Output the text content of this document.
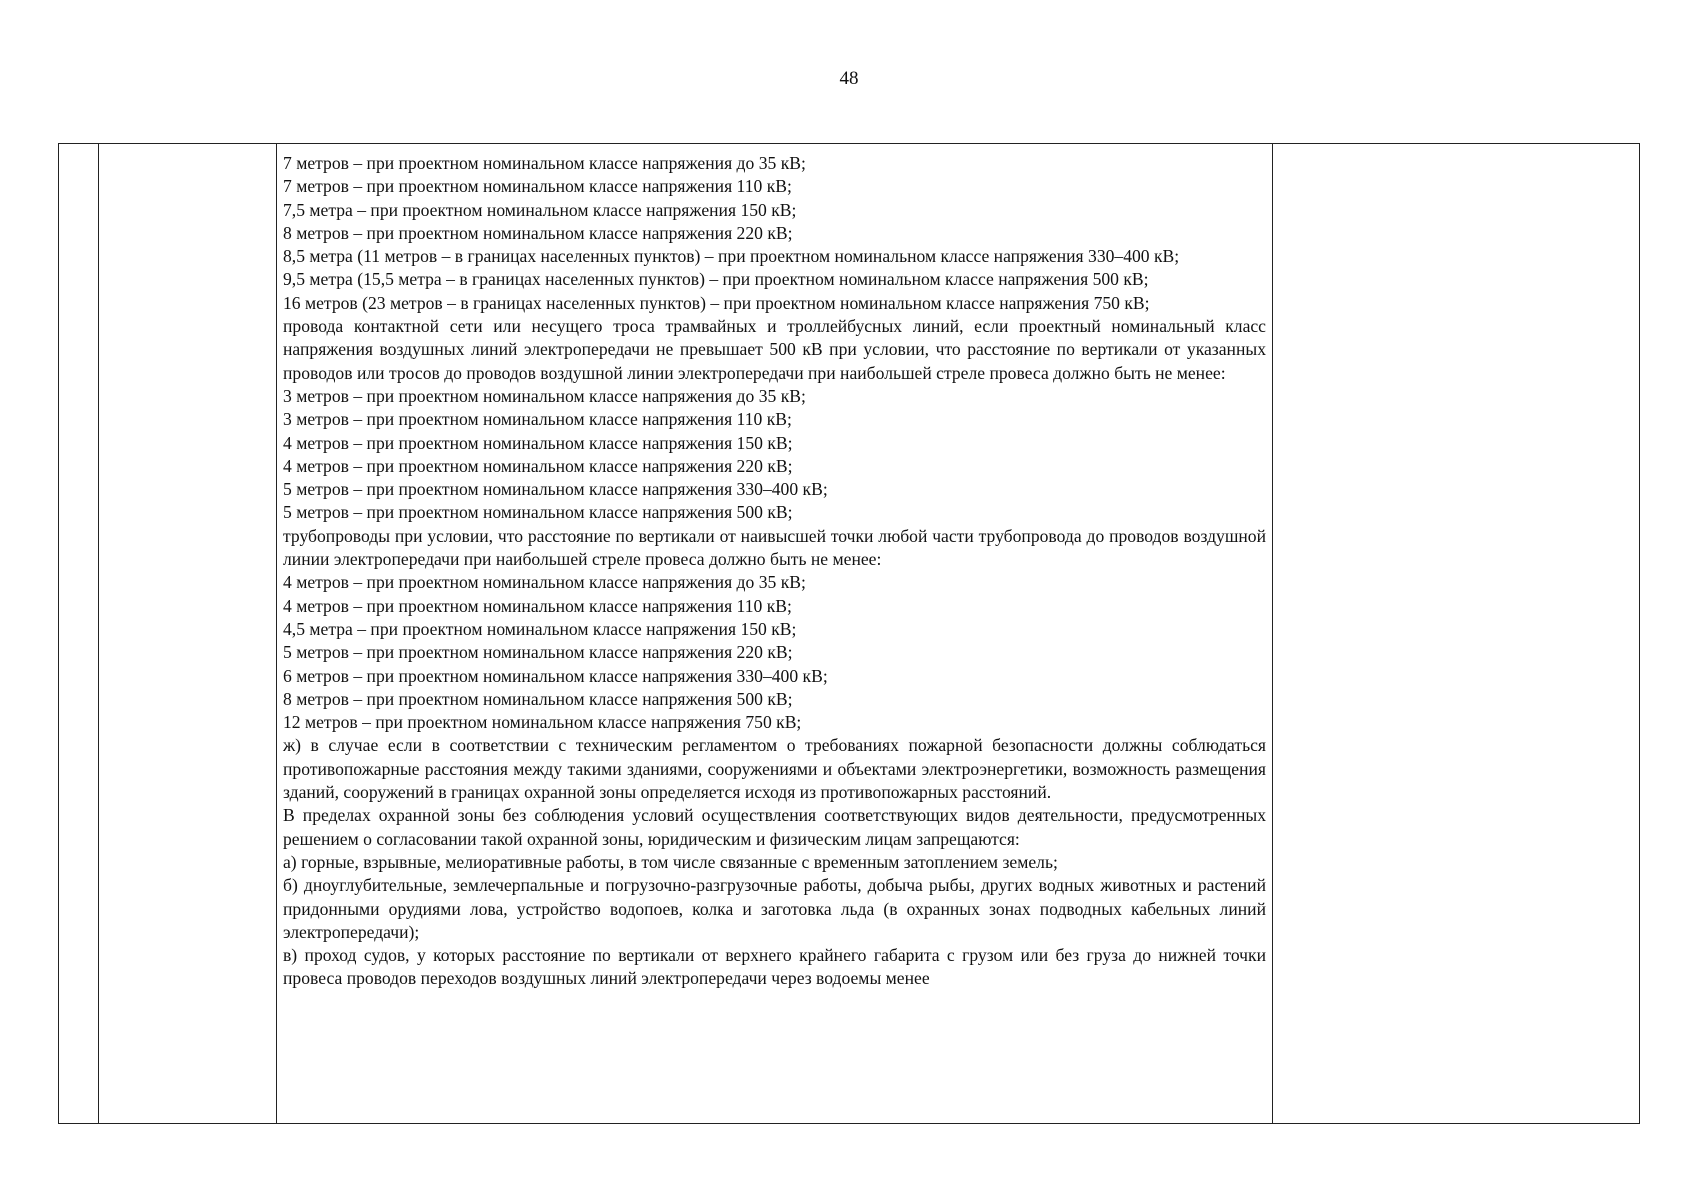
48

7 метров – при проектном номинальном классе напряжения до 35 кВ;

7 метров – при проектном номинальном классе напряжения 110 кВ;

7,5 метра – при проектном номинальном классе напряжения 150 кВ;

8 метров – при проектном номинальном классе напряжения 220 кВ;

8,5 метра (11 метров – в границах населенных пунктов) – при проектном номинальном классе напряжения 330–400 кВ;

9,5 метра (15,5 метра – в границах населенных пунктов) – при проектном номинальном классе напряжения 500 кВ;

16 метров (23 метров – в границах населенных пунктов) – при проектном номинальном классе напряжения 750 кВ;

провода контактной сети или несущего троса трамвайных и троллейбусных линий, если проектный номинальный класс напряжения воздушных линий электропередачи не превышает 500 кВ при условии, что расстояние по вертикали от указанных проводов или тросов до проводов воздушной линии электропередачи при наибольшей стреле провеса должно быть не менее:

3 метров – при проектном номинальном классе напряжения до 35 кВ;

3 метров – при проектном номинальном классе напряжения 110 кВ;

4 метров – при проектном номинальном классе напряжения 150 кВ;

4 метров – при проектном номинальном классе напряжения 220 кВ;

5 метров – при проектном номинальном классе напряжения 330–400 кВ;

5 метров – при проектном номинальном классе напряжения 500 кВ;

трубопроводы при условии, что расстояние по вертикали от наивысшей точки любой части трубопровода до проводов воздушной линии электропередачи при наибольшей стреле провеса должно быть не менее:

4 метров – при проектном номинальном классе напряжения до 35 кВ;

4 метров – при проектном номинальном классе напряжения 110 кВ;

4,5 метра – при проектном номинальном классе напряжения 150 кВ;

5 метров – при проектном номинальном классе напряжения 220 кВ;

6 метров – при проектном номинальном классе напряжения 330–400 кВ;

8 метров – при проектном номинальном классе напряжения 500 кВ;

12 метров – при проектном номинальном классе напряжения 750 кВ;

ж) в случае если в соответствии с техническим регламентом о требованиях пожарной безопасности должны соблюдаться противопожарные расстояния между такими зданиями, сооружениями и объектами электроэнергетики, возможность размещения зданий, сооружений в границах охранной зоны определяется исходя из противопожарных расстояний.

В пределах охранной зоны без соблюдения условий осуществления соответствующих видов деятельности, предусмотренных решением о согласовании такой охранной зоны, юридическим и физическим лицам запрещаются:

а) горные, взрывные, мелиоративные работы, в том числе связанные с временным затоплением земель;

б) дноуглубительные, землечерпальные и погрузочно-разгрузочные работы, добыча рыбы, других водных животных и растений придонными орудиями лова, устройство водопоев, колка и заготовка льда (в охранных зонах подводных кабельных линий электропередачи);

в) проход судов, у которых расстояние по вертикали от верхнего крайнего габарита с грузом или без груза до нижней точки провеса проводов переходов воздушных линий электропередачи через водоемы менее
